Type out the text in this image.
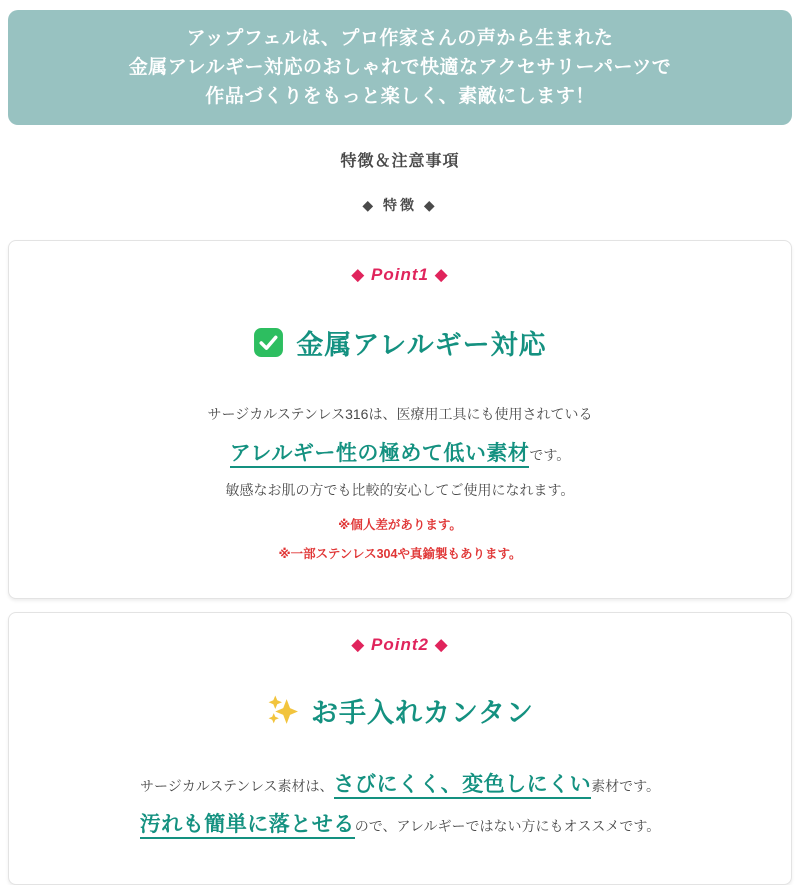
アップフェルは、プロ作家さんの声から生まれた
金属アレルギー対応のおしゃれで快適なアクセサリーパーツで
作品づくりをもっと楽しく、素敵にします！
特徴＆注意事項
◆ 特徴 ◆
◆ Point1 ◆
金属アレルギー対応
サージカルステンレス316は、医療用工具にも使用されている
アレルギー性の極めて低い素材です。
敏感なお肌の方でも比較的安心してご使用になれます。
※個人差があります。
※一部ステンレス304や真鍮製もあります。
◆ Point2 ◆
お手入れカンタン
サージカルステンレス素材は、さびにくく、変色しにくい素材です。
汚れも簡単に落とせるので、アレルギーではない方にもオススメです。
